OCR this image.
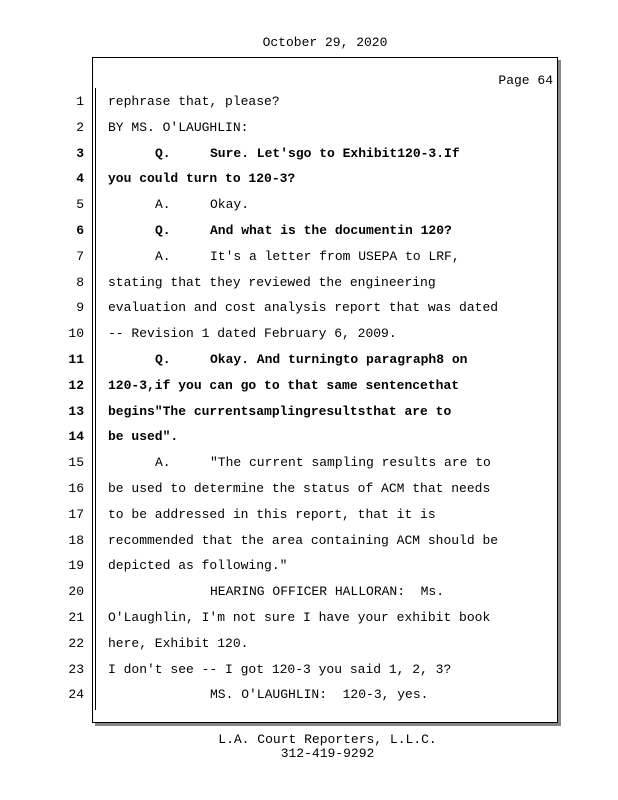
October 29, 2020
Page 64
1 rephrase that, please?
2 BY MS. O'LAUGHLIN:
3	Q.	Sure. Let'sgo to Exhibit120-3.If
4 you could turn to 120-3?
5	A.	Okay.
6	Q.	And what is the documentin 120?
7	A.	It's a letter from USEPA to LRF,
8 stating that they reviewed the engineering
9 evaluation and cost analysis report that was dated
10 -- Revision 1 dated February 6, 2009.
11	Q.	Okay. And turningto paragraph8 on
12 120-3,if you can go to that same sentencethat
13 begins"The currentsamplingresultsthat are to
14 be used".
15	A.	"The current sampling results are to
16 be used to determine the status of ACM that needs
17 to be addressed in this report, that it is
18 recommended that the area containing ACM should be
19 depicted as following."
20	HEARING OFFICER HALLORAN:  Ms.
21 O'Laughlin, I'm not sure I have your exhibit book
22 here, Exhibit 120.
23 I don't see -- I got 120-3 you said 1, 2, 3?
24	MS. O'LAUGHLIN:  120-3, yes.
L.A. Court Reporters, L.L.C.
312-419-9292
